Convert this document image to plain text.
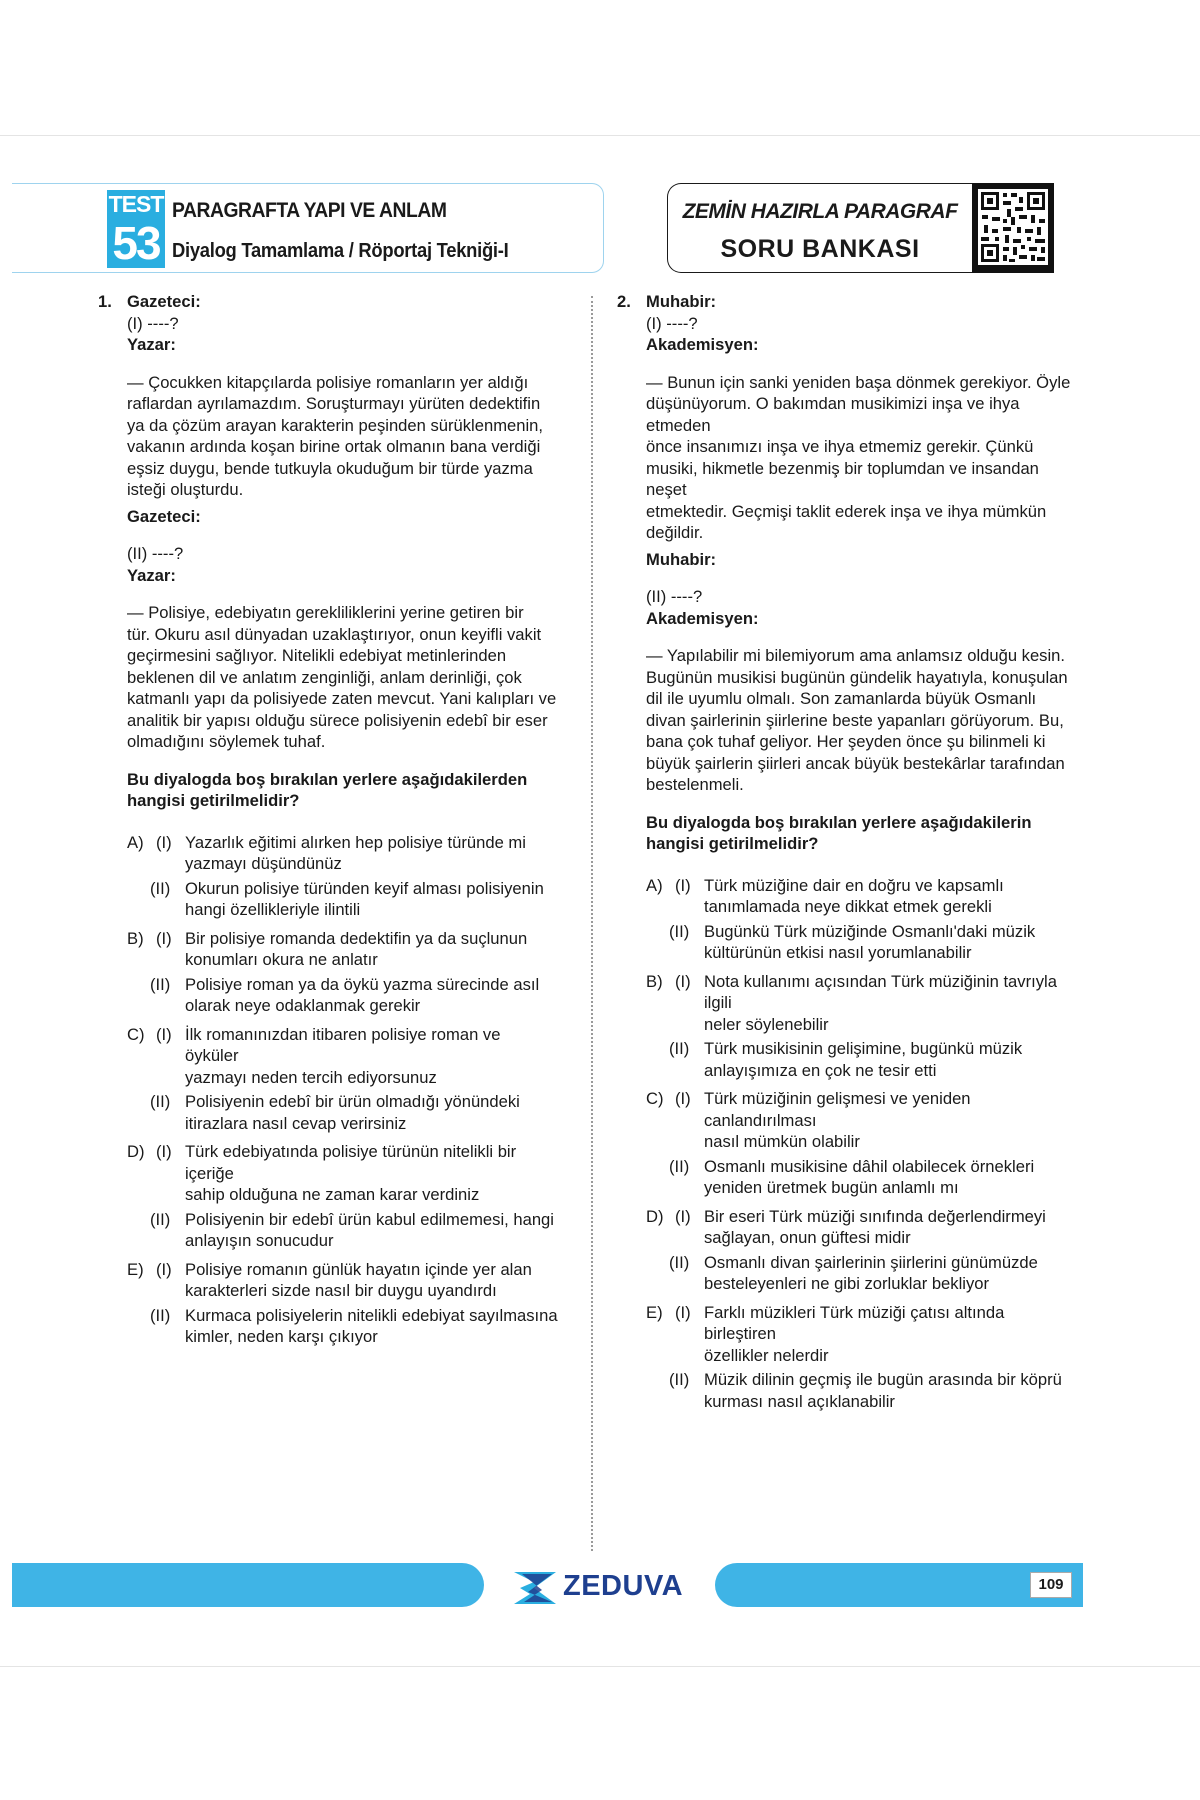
TEST
53
PARAGRAFTA YAPI VE ANLAM
Diyalog Tamamlama / Röportaj Tekniği-I
ZEMİN HAZIRLA PARAGRAF
SORU BANKASI
1. Gazeteci:
(I) ----?
Yazar:

— Çocukken kitapçılarda polisiye romanların yer aldığı

raflardan ayrılamazdım. Soruşturmayı yürüten dedektifin

ya da çözüm arayan karakterin peşinden sürüklenmenin,

vakanın ardında koşan birine ortak olmanın bana verdiği

eşsiz duygu, bende tutkuyla okuduğum bir türde yazma

isteği oluşturdu.

Gazeteci:
(II) ----?
Yazar:

— Polisiye, edebiyatın gerekliliklerini yerine getiren bir

tür. Okuru asıl dünyadan uzaklaştırıyor, onun keyifli vakit

geçirmesini sağlıyor. Nitelikli edebiyat metinlerinden

beklenen dil ve anlatım zenginliği, anlam derinliği, çok

katmanlı yapı da polisiyede zaten mevcut. Yani kalıpları ve

analitik bir yapısı olduğu sürece polisiyenin edebî bir eser

olmadığını söylemek tuhaf.

Bu diyalogda boş bırakılan yerlere aşağıdakilerden
hangisi getirilmelidir?
A) (I) Yazarlık eğitimi alırken hep polisiye türünde mi
yazmayı düşündünüz
(II) Okurun polisiye türünden keyif alması polisiyenin
hangi özellikleriyle ilintili
B) (I) Bir polisiye romanda dedektifin ya da suçlunun
konumları okura ne anlatır
(II) Polisiye roman ya da öykü yazma sürecinde asıl
olarak neye odaklanmak gerekir
C) (I) İlk romanınızdan itibaren polisiye roman ve öyküler
yazmayı neden tercih ediyorsunuz
(II) Polisiyenin edebî bir ürün olmadığı yönündeki
itirazlara nasıl cevap verirsiniz
D) (I) Türk edebiyatında polisiye türünün nitelikli bir içeriğe
sahip olduğuna ne zaman karar verdiniz
(II) Polisiyenin bir edebî ürün kabul edilmemesi, hangi
anlayışın sonucudur
E) (I) Polisiye romanın günlük hayatın içinde yer alan
karakterleri sizde nasıl bir duygu uyandırdı
(II) Kurmaca polisiyelerin nitelikli edebiyat sayılmasına
kimler, neden karşı çıkıyor
2. Muhabir:
(I) ----?
Akademisyen:

— Bunun için sanki yeniden başa dönmek gerekiyor. Öyle

düşünüyorum. O bakımdan musikimizi inşa ve ihya etmeden

önce insanımızı inşa ve ihya etmemiz gerekir. Çünkü

musiki, hikmetle bezenmiş bir toplumdan ve insandan neşet

etmektedir. Geçmişi taklit ederek inşa ve ihya mümkün

değildir.

Muhabir:
(II) ----?
Akademisyen:

— Yapılabilir mi bilemiyorum ama anlamsız olduğu kesin.

Bugünün musikisi bugünün gündelik hayatıyla, konuşulan

dil ile uyumlu olmalı. Son zamanlarda büyük Osmanlı

divan şairlerinin şiirlerine beste yapanları görüyorum. Bu,

bana çok tuhaf geliyor. Her şeyden önce şu bilinmeli ki

büyük şairlerin şiirleri ancak büyük bestekârlar tarafından

bestelenmeli.

Bu diyalogda boş bırakılan yerlere aşağıdakilerin
hangisi getirilmelidir?
A) (I) Türk müziğine dair en doğru ve kapsamlı
tanımlamada neye dikkat etmek gerekli
(II) Bugünkü Türk müziğinde Osmanlı'daki müzik
kültürünün etkisi nasıl yorumlanabilir
B) (I) Nota kullanımı açısından Türk müziğinin tavrıyla ilgili
neler söylenebilir
(II) Türk musikisinin gelişimine, bugünkü müzik
anlayışımıza en çok ne tesir etti
C) (I) Türk müziğinin gelişmesi ve yeniden canlandırılması
nasıl mümkün olabilir
(II) Osmanlı musikisine dâhil olabilecek örnekleri
yeniden üretmek bugün anlamlı mı
D) (I) Bir eseri Türk müziği sınıfında değerlendirmeyi
sağlayan, onun güftesi midir
(II) Osmanlı divan şairlerinin şiirlerini günümüzde
besteleyenleri ne gibi zorluklar bekliyor
E) (I) Farklı müzikleri Türk müziği çatısı altında birleştiren
özellikler nelerdir
(II) Müzik dilinin geçmiş ile bugün arasında bir köprü
kurması nasıl açıklanabilir
109
ZEDUVA
